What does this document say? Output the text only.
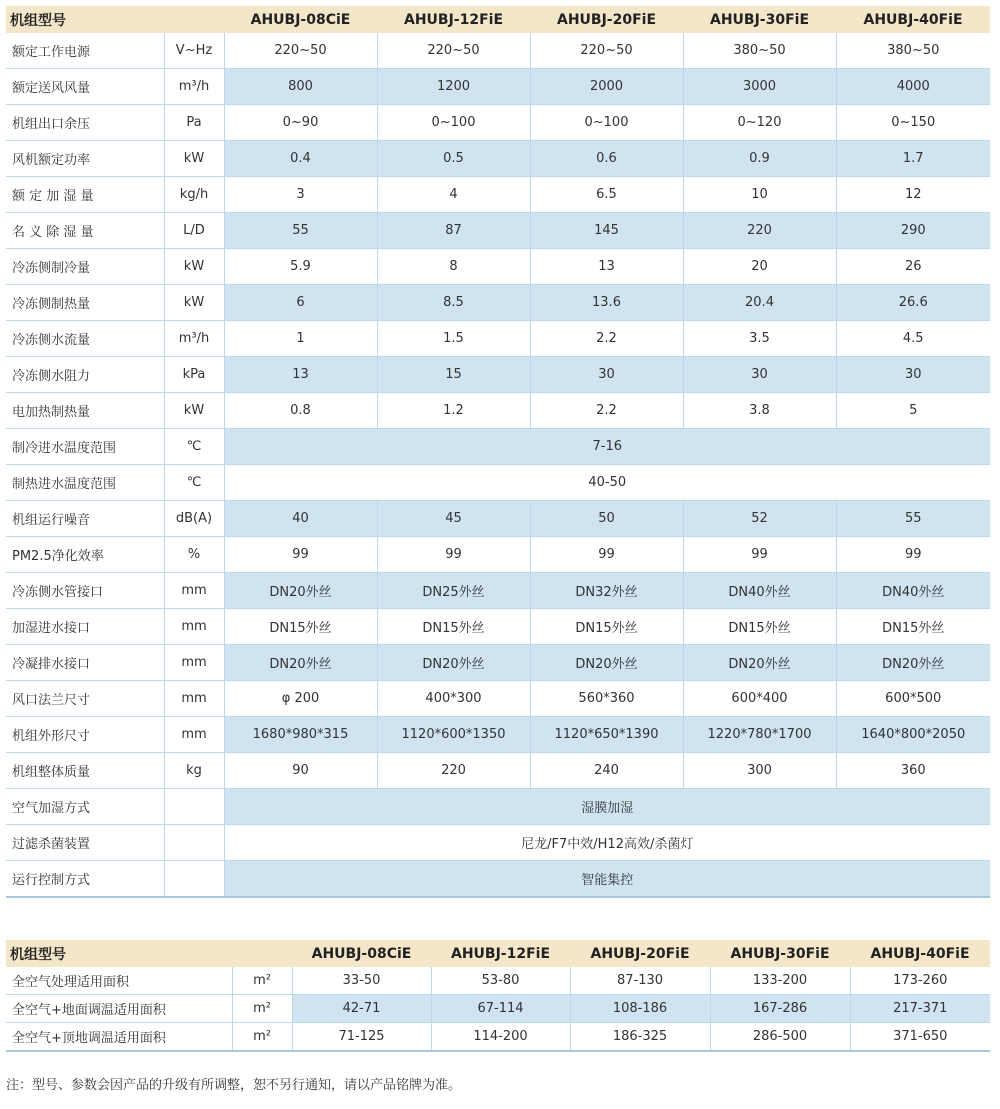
机组型号		AHUBJ-08CiE	AHUBJ-12FiE	AHUBJ-20FiE	AHUBJ-30FiE	AHUBJ-40FiE
额定工作电源	V~Hz	220~50	220~50	220~50	380~50	380~50
额定送风风量	m³/h	800	1200	2000	3000	4000
机组出口余压	Pa	0~90	0~100	0~100	0~120	0~150
风机额定功率	kW	0.4	0.5	0.6	0.9	1.7
额 定 加 湿 量	kg/h	3	4	6.5	10	12
名 义 除 湿 量	L/D	55	87	145	220	290
冷冻侧制冷量	kW	5.9	8	13	20	26
冷冻侧制热量	kW	6	8.5	13.6	20.4	26.6
冷冻侧水流量	m³/h	1	1.5	2.2	3.5	4.5
冷冻侧水阻力	kPa	13	15	30	30	30
电加热制热量	kW	0.8	1.2	2.2	3.8	5
制冷进水温度范围	℃	7-16				
制热进水温度范围	℃	40-50				
机组运行噪音	dB(A)	40	45	50	52	55
PM2.5净化效率	%	99	99	99	99	99
冷冻侧水管接口	mm	DN20外丝	DN25外丝	DN32外丝	DN40外丝	DN40外丝
加湿进水接口	mm	DN15外丝	DN15外丝	DN15外丝	DN15外丝	DN15外丝
冷凝排水接口	mm	DN20外丝	DN20外丝	DN20外丝	DN20外丝	DN20外丝
风口法兰尺寸	mm	φ 200	400*300	560*360	600*400	600*500
机组外形尺寸	mm	1680*980*315	1120*600*1350	1120*650*1390	1220*780*1700	1640*800*2050
机组整体质量	kg	90	220	240	300	360
空气加湿方式		湿膜加湿				
过滤杀菌装置		尼龙/F7中效/H12高效/杀菌灯				
运行控制方式		智能集控				
机组型号		AHUBJ-08CiE	AHUBJ-12FiE	AHUBJ-20FiE	AHUBJ-30FiE	AHUBJ-40FiE
全空气处理适用面积	m²	33-50	53-80	87-130	133-200	173-260
全空气+地面调温适用面积	m²	42-71	67-114	108-186	167-286	217-371
全空气+顶地调温适用面积	m²	71-125	114-200	186-325	286-500	371-650
注：型号、参数会因产品的升级有所调整，恕不另行通知，请以产品铭牌为准。
